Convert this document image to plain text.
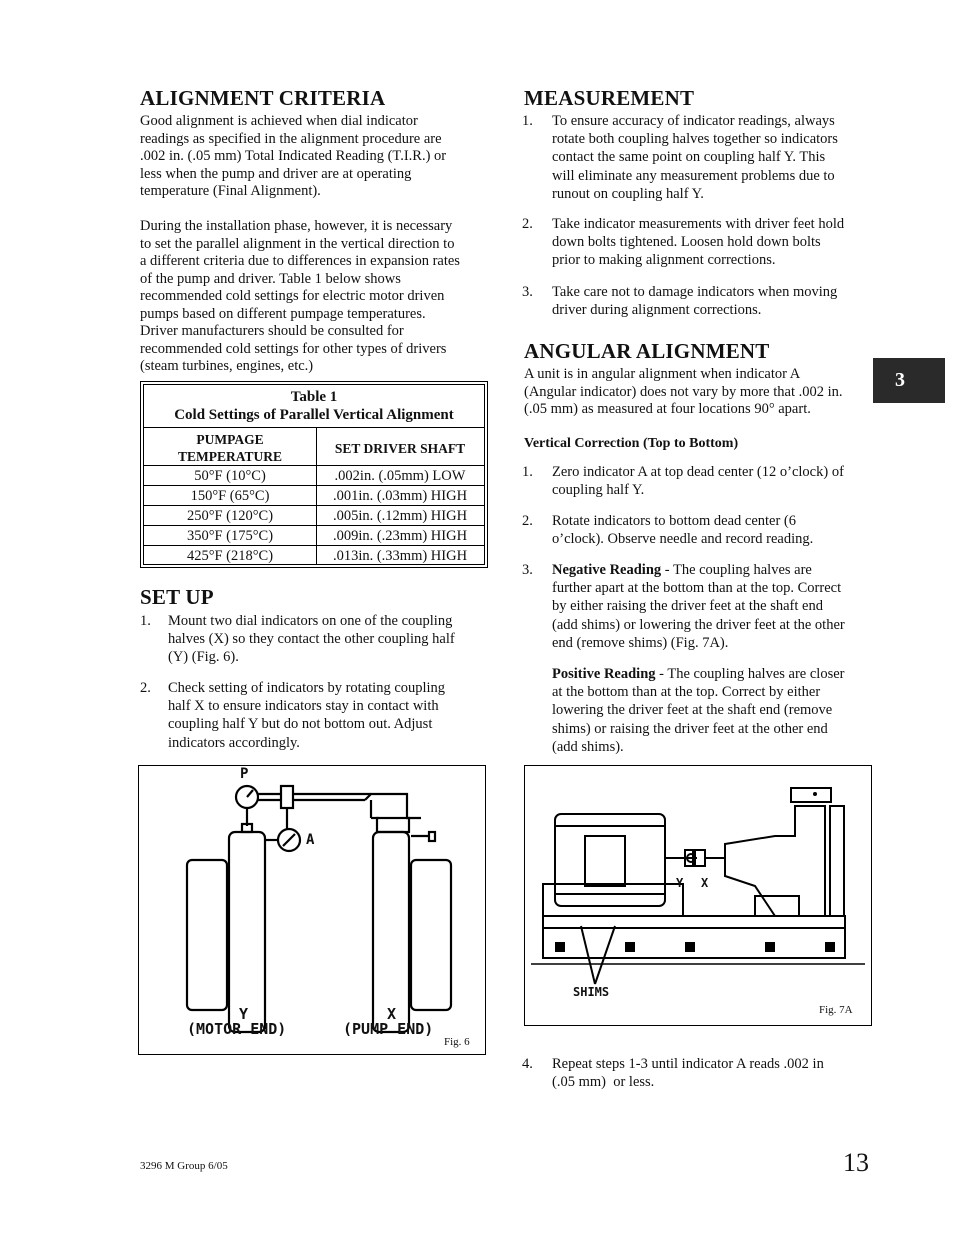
ALIGNMENT CRITERIA
Good alignment is achieved when dial indicator
readings as specified in the alignment procedure are
.002 in. (.05 mm) Total Indicated Reading (T.I.R.) or
less when the pump and driver are at operating
temperature (Final Alignment).
During the installation phase, however, it is necessary
to set the parallel alignment in the vertical direction to
a different criteria due to differences in expansion rates
of the pump and driver. Table 1 below shows
recommended cold settings for electric motor driven
pumps based on different pumpage temperatures.
Driver manufacturers should be consulted for
recommended cold settings for other types of drivers
(steam turbines, engines, etc.)
Table 1
Cold Settings of Parallel Vertical Alignment
PUMPAGE
TEMPERATURE
SET DRIVER SHAFT
50°F (10°C)	.002in. (.05mm) LOW
150°F (65°C)	.001in. (.03mm) HIGH
250°F (120°C)	.005in. (.12mm) HIGH
350°F (175°C)	.009in. (.23mm) HIGH
425°F (218°C)	.013in. (.33mm) HIGH
SET UP
1. Mount two dial indicators on one of the coupling
halves (X) so they contact the other coupling half
(Y) (Fig. 6).
2. Check setting of indicators by rotating coupling
half X to ensure indicators stay in contact with
coupling half Y but do not bottom out. Adjust
indicators accordingly.
P
A
Y	X
(MOTOR END)	(PUMP END)
Fig. 6
MEASUREMENT
1. To ensure accuracy of indicator readings, always
rotate both coupling halves together so indicators
contact the same point on coupling half Y. This
will eliminate any measurement problems due to
runout on coupling half Y.
2. Take indicator measurements with driver feet hold
down bolts tightened. Loosen hold down bolts
prior to making alignment corrections.
3. Take care not to damage indicators when moving
driver during alignment corrections.
ANGULAR ALIGNMENT
A unit is in angular alignment when indicator A
(Angular indicator) does not vary by more that .002 in.
(.05 mm) as measured at four locations 90° apart.
Vertical Correction (Top to Bottom)
1. Zero indicator A at top dead center (12 o’clock) of
coupling half Y.
2. Rotate indicators to bottom dead center (6
o’clock). Observe needle and record reading.
3. Negative Reading - The coupling halves are
further apart at the bottom than at the top. Correct
by either raising the driver feet at the shaft end
(add shims) or lowering the driver feet at the other
end (remove shims) (Fig. 7A).
Positive Reading - The coupling halves are closer
at the bottom than at the top. Correct by either
lowering the driver feet at the shaft end (remove
shims) or raising the driver feet at the other end
(add shims).
Y X
SHIMS
Fig. 7A
4. Repeat steps 1-3 until indicator A reads .002 in
(.05 mm)  or less.
3
3296 M Group 6/05	13
